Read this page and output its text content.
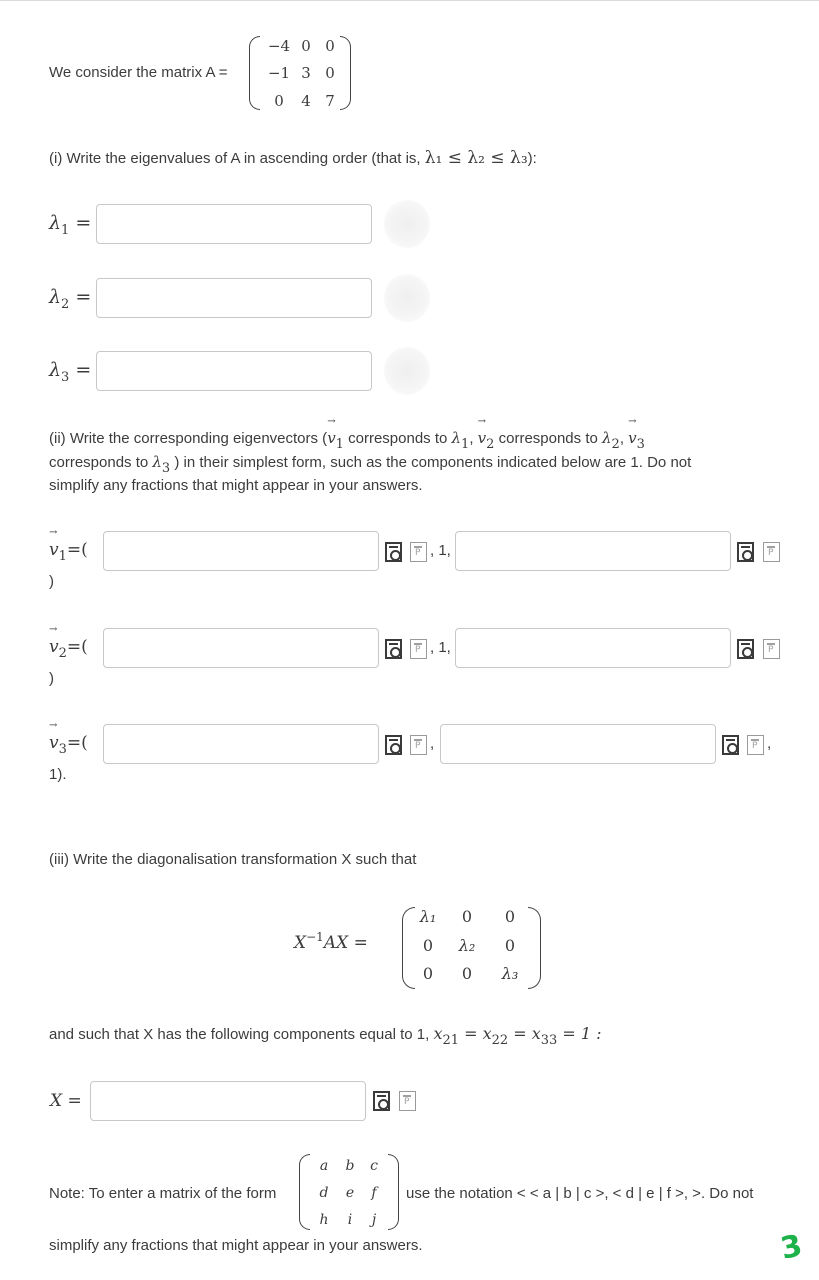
We consider the matrix A =
−4 0 0
−1 3 0
0	4 7
(i) Write the eigenvalues of A in ascending order (that is, λ₁ ≤ λ₂ ≤ λ₃):
$\lambda_1$ =
$\lambda_2$ =
$\lambda_3$ =
(ii) Write the corresponding eigenvectors (→ v1 corresponds to λ1, → v2 corresponds to λ2, → v3
corresponds to λ3 ) in their simplest form, such as the components indicated below are 1. Do not
simplify any fractions that might appear in your answers.
→ $v_1=$( P	, 1,
P
)
→ $v_2=$( P	, 1,
P
)
→ $v_3=$( P	, P	,
1).
(iii) Write the diagonalisation transformation X such that
$X^{-1}AX$ =
λ₁	0	0
0	λ₂	0
0	0	λ₃
and such that X has the following components equal to 1, $x_{21} = x_{22} = x_{33} = 1$ :
X =
P
Note: To enter a matrix of the form
a	b	c
d	e	f
h	i	j
use the notation < < a | b | c >, < d | e | f >, >. Do not
simplify any fractions that might appear in your answers.	3
